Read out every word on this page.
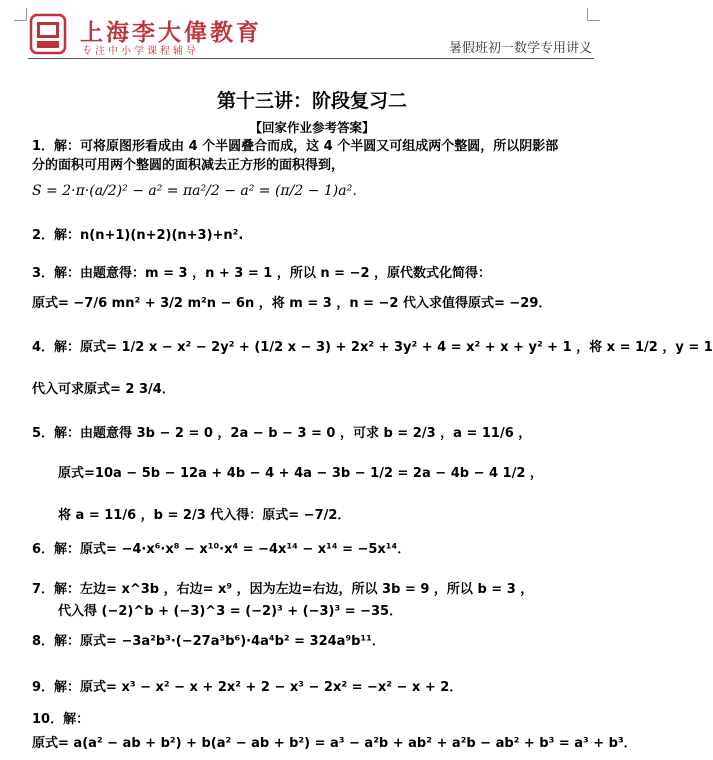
上海李大偉教育
专注中小学课程辅导	暑假班初一数学专用讲义
第十三讲：阶段复习二
【回家作业参考答案】
1．解：可将原图形看成由 4 个半圆叠合而成，这 4 个半圆又可组成两个整圆，所以阴影部
分的面积可用两个整圆的面积减去正方形的面积得到，
S = 2·π·(a/2)² − a² = πa²/2 − a² = (π/2 − 1)a²．
2．解：n(n+1)(n+2)(n+3)+n².
3．解：由题意得：m = 3 ，n + 3 = 1 ，所以 n = −2 ，原代数式化简得：
原式= −7/6 mn² + 3/2 m²n − 6n ，将 m = 3 ，n = −2 代入求值得原式= −29．
4．解：原式= 1/2 x − x² − 2y² + (1/2 x − 3) + 2x² + 3y² + 4 = x² + x + y² + 1 ，将 x = 1/2 ，y = 1
代入可求原式= 2 3/4．
5．解：由题意得 3b − 2 = 0 ，2a − b − 3 = 0 ，可求 b = 2/3 ，a = 11/6 ，
原式=10a − 5b − 12a + 4b − 4 + 4a − 3b − 1/2 = 2a − 4b − 4 1/2 ，
将 a = 11/6 ，b = 2/3 代入得：原式= −7/2．
6．解：原式= −4·x⁶·x⁸ − x¹⁰·x⁴ = −4x¹⁴ − x¹⁴ = −5x¹⁴．
7．解：左边= x^3b ，右边= x⁹ ，因为左边=右边，所以 3b = 9 ，所以 b = 3 ，
代入得 (−2)^b + (−3)^3 = (−2)³ + (−3)³ = −35．
8．解：原式= −3a²b³·(−27a³b⁶)·4a⁴b² = 324a⁹b¹¹．
9．解：原式= x³ − x² − x + 2x² + 2 − x³ − 2x² = −x² − x + 2．
10．解：
原式= a(a² − ab + b²) + b(a² − ab + b²) = a³ − a²b + ab² + a²b − ab² + b³ = a³ + b³．
